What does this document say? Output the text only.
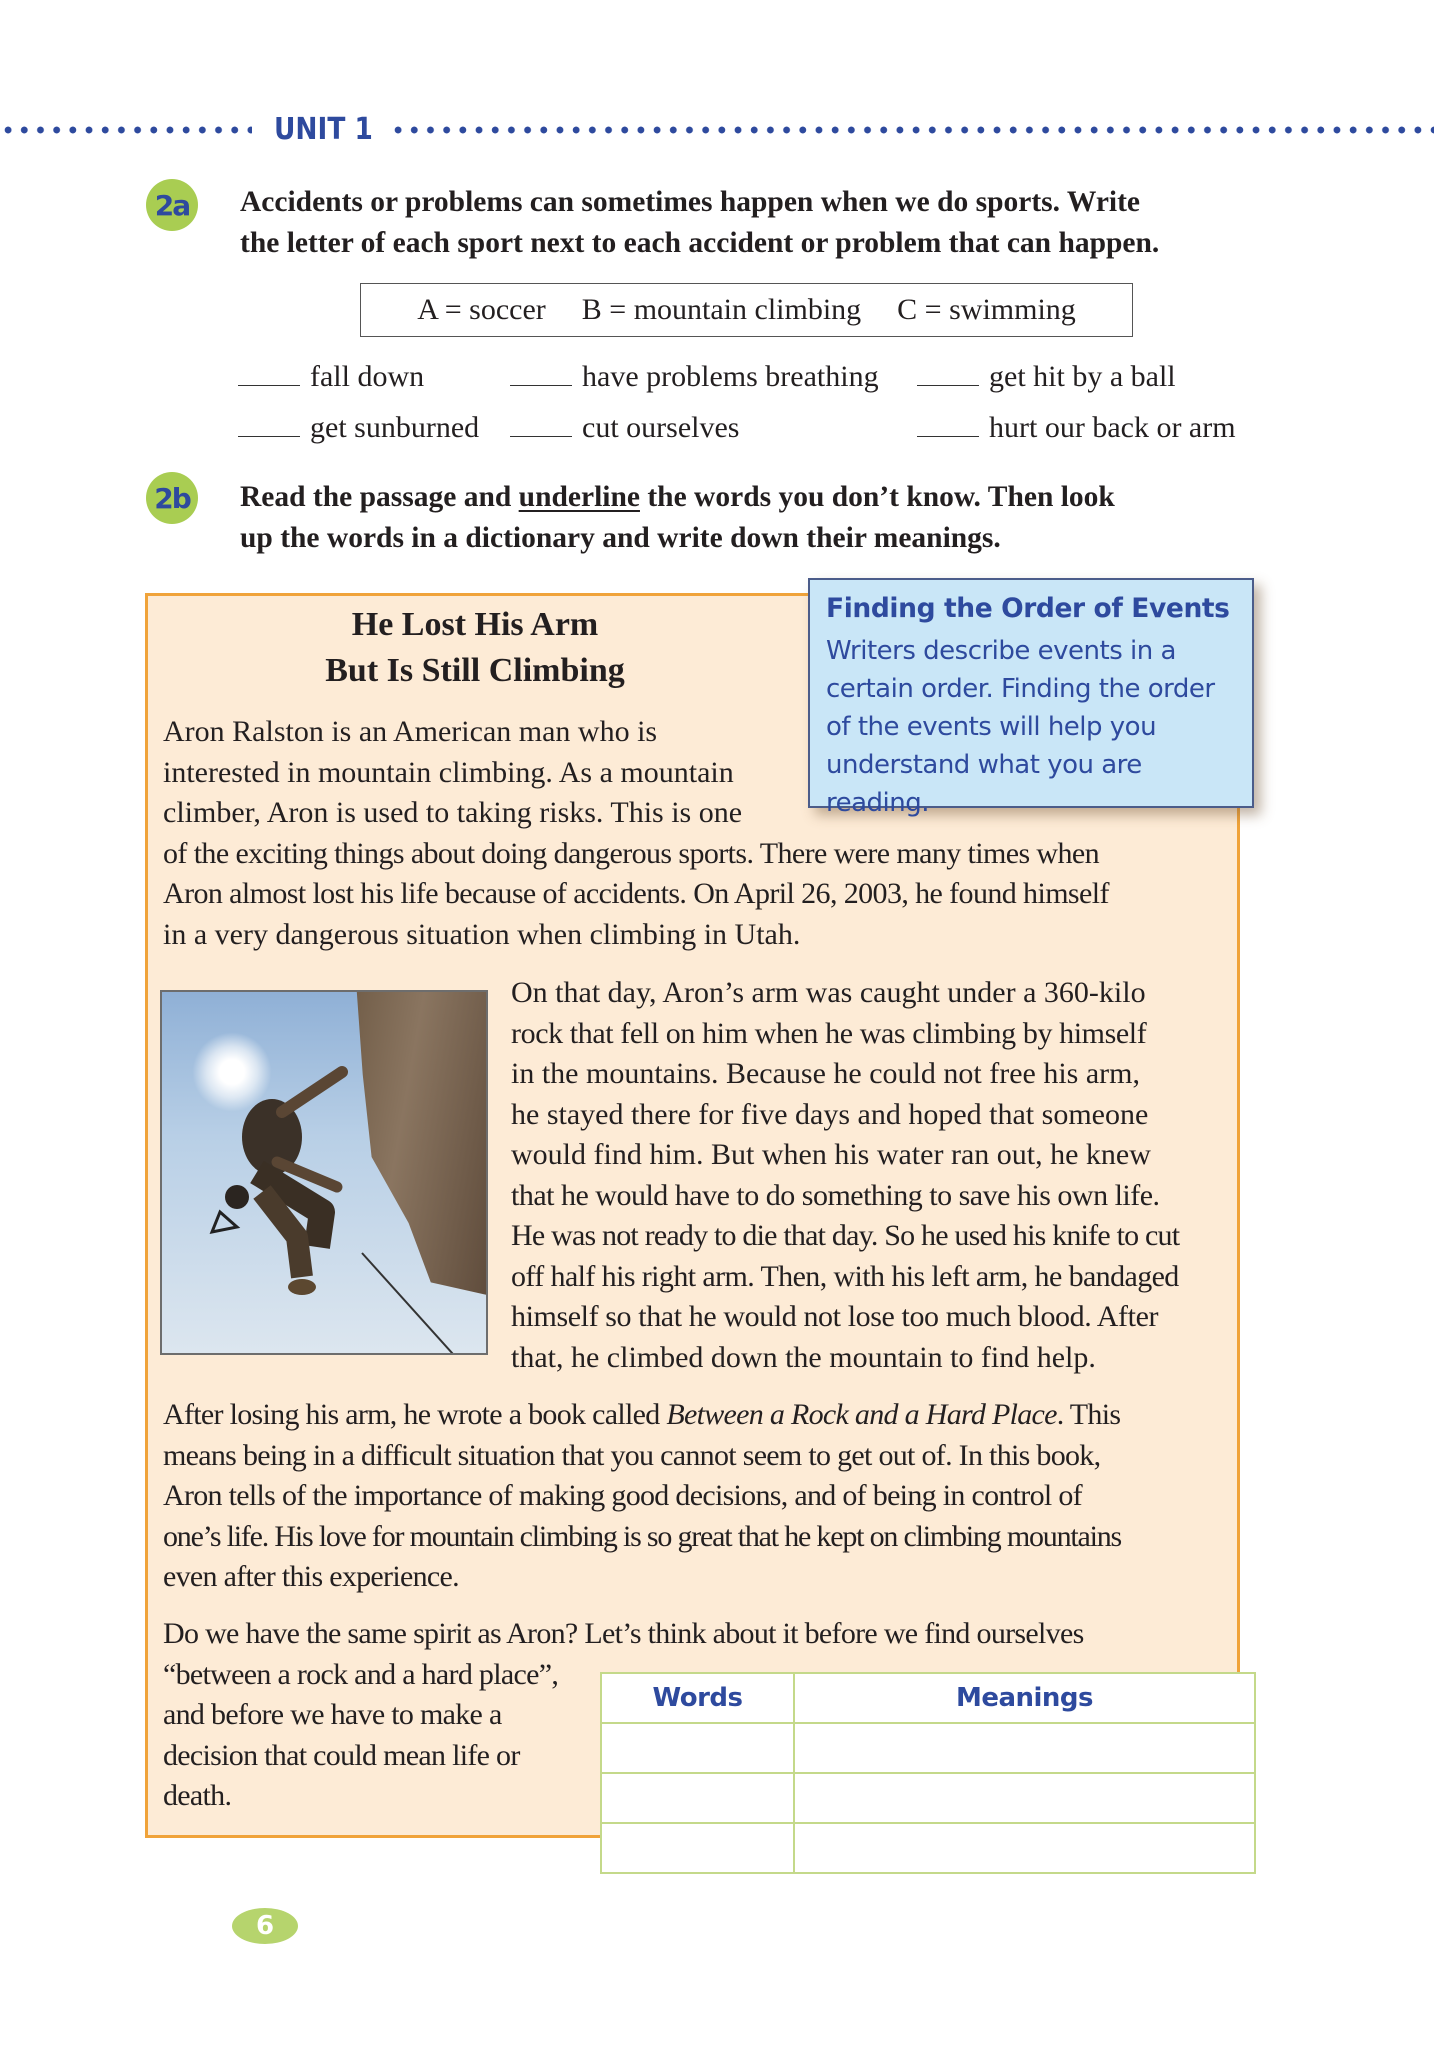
UNIT 1
2a Accidents or problems can sometimes happen when we do sports. Write
the letter of each sport next to each accident or problem that can happen.
A = soccer B = mountain climbing C = swimming
fall down	have problems breathing	get hit by a ball
get sunburned	cut ourselves	hurt our back or arm
2b Read the passage and underline the words you don’t know. Then look
up the words in a dictionary and write down their meanings.
He Lost His Arm
But Is Still Climbing
Aron Ralston is an American man who is
interested in mountain climbing. As a mountain
climber, Aron is used to taking risks. This is one
of the exciting things about doing dangerous sports. There were many times when
Aron almost lost his life because of accidents. On April 26, 2003, he found himself
in a very dangerous situation when climbing in Utah.
Finding the Order of Events
Writers describe events in a
certain order. Finding the order
of the events will help you
understand what you are reading.
On that day, Aron’s arm was caught under a 360-kilo
rock that fell on him when he was climbing by himself
in the mountains. Because he could not free his arm,
he stayed there for five days and hoped that someone
would find him. But when his water ran out, he knew
that he would have to do something to save his own life.
He was not ready to die that day. So he used his knife to cut
off half his right arm. Then, with his left arm, he bandaged
himself so that he would not lose too much blood. After
that, he climbed down the mountain to find help.
After losing his arm, he wrote a book called Between a Rock and a Hard Place. This
means being in a difficult situation that you cannot seem to get out of. In this book,
Aron tells of the importance of making good decisions, and of being in control of
one’s life. His love for mountain climbing is so great that he kept on climbing mountains
even after this experience.
Do we have the same spirit as Aron? Let’s think about it before we find ourselves
“between a rock and a hard place”,
and before we have to make a
decision that could mean life or
death.
Words	Meanings

6
